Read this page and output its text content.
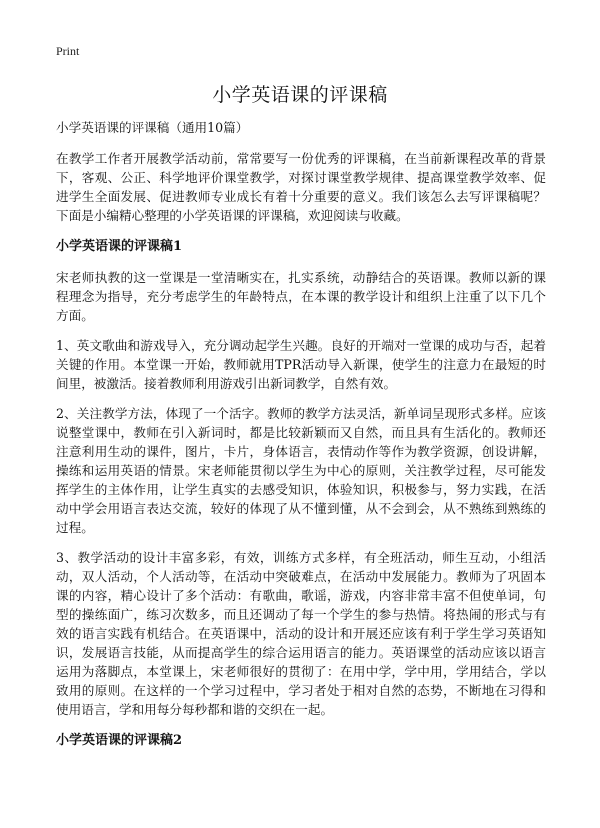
Print
小学英语课的评课稿

小学英语课的评课稿（通用10篇）

在教学工作者开展教学活动前，常常要写一份优秀的评课稿，在当前新课程改革的背景下，客观、公正、科学地评价课堂教学，对探讨课堂教学规律、提高课堂教学效率、促进学生全面发展、促进教师专业成长有着十分重要的意义。我们该怎么去写评课稿呢？下面是小编精心整理的小学英语课的评课稿，欢迎阅读与收藏。

小学英语课的评课稿1

宋老师执教的这一堂课是一堂清晰实在，扎实系统，动静结合的英语课。教师以新的课程理念为指导，充分考虑学生的年龄特点，在本课的教学设计和组织上注重了以下几个方面。

1、英文歌曲和游戏导入，充分调动起学生兴趣。良好的开端对一堂课的成功与否，起着关键的作用。本堂课一开始，教师就用TPR活动导入新课，使学生的注意力在最短的时间里，被激活。接着教师利用游戏引出新词教学，自然有效。

2、关注教学方法，体现了一个活字。教师的教学方法灵活，新单词呈现形式多样。应该说整堂课中，教师在引入新词时，都是比较新颖而又自然，而且具有生活化的。教师还注意利用生动的课件，图片，卡片，身体语言，表情动作等作为教学资源，创设讲解，操练和运用英语的情景。宋老师能贯彻以学生为中心的原则，关注教学过程，尽可能发挥学生的主体作用，让学生真实的去感受知识，体验知识，积极参与，努力实践，在活动中学会用语言表达交流，较好的体现了从不懂到懂，从不会到会，从不熟练到熟练的过程。

3、教学活动的设计丰富多彩，有效，训练方式多样，有全班活动，师生互动，小组活动，双人活动，个人活动等，在活动中突破难点，在活动中发展能力。教师为了巩固本课的内容，精心设计了多个活动：有歌曲，歌谣，游戏，内容非常丰富不但使单词，句型的操练面广，练习次数多，而且还调动了每一个学生的参与热情。将热闹的形式与有效的语言实践有机结合。在英语课中，活动的设计和开展还应该有利于学生学习英语知识，发展语言技能，从而提高学生的综合运用语言的能力。英语课堂的活动应该以语言运用为落脚点，本堂课上，宋老师很好的贯彻了：在用中学，学中用，学用结合，学以致用的原则。在这样的一个学习过程中，学习者处于相对自然的态势，不断地在习得和使用语言，学和用每分每秒都和谐的交织在一起。

小学英语课的评课稿2
